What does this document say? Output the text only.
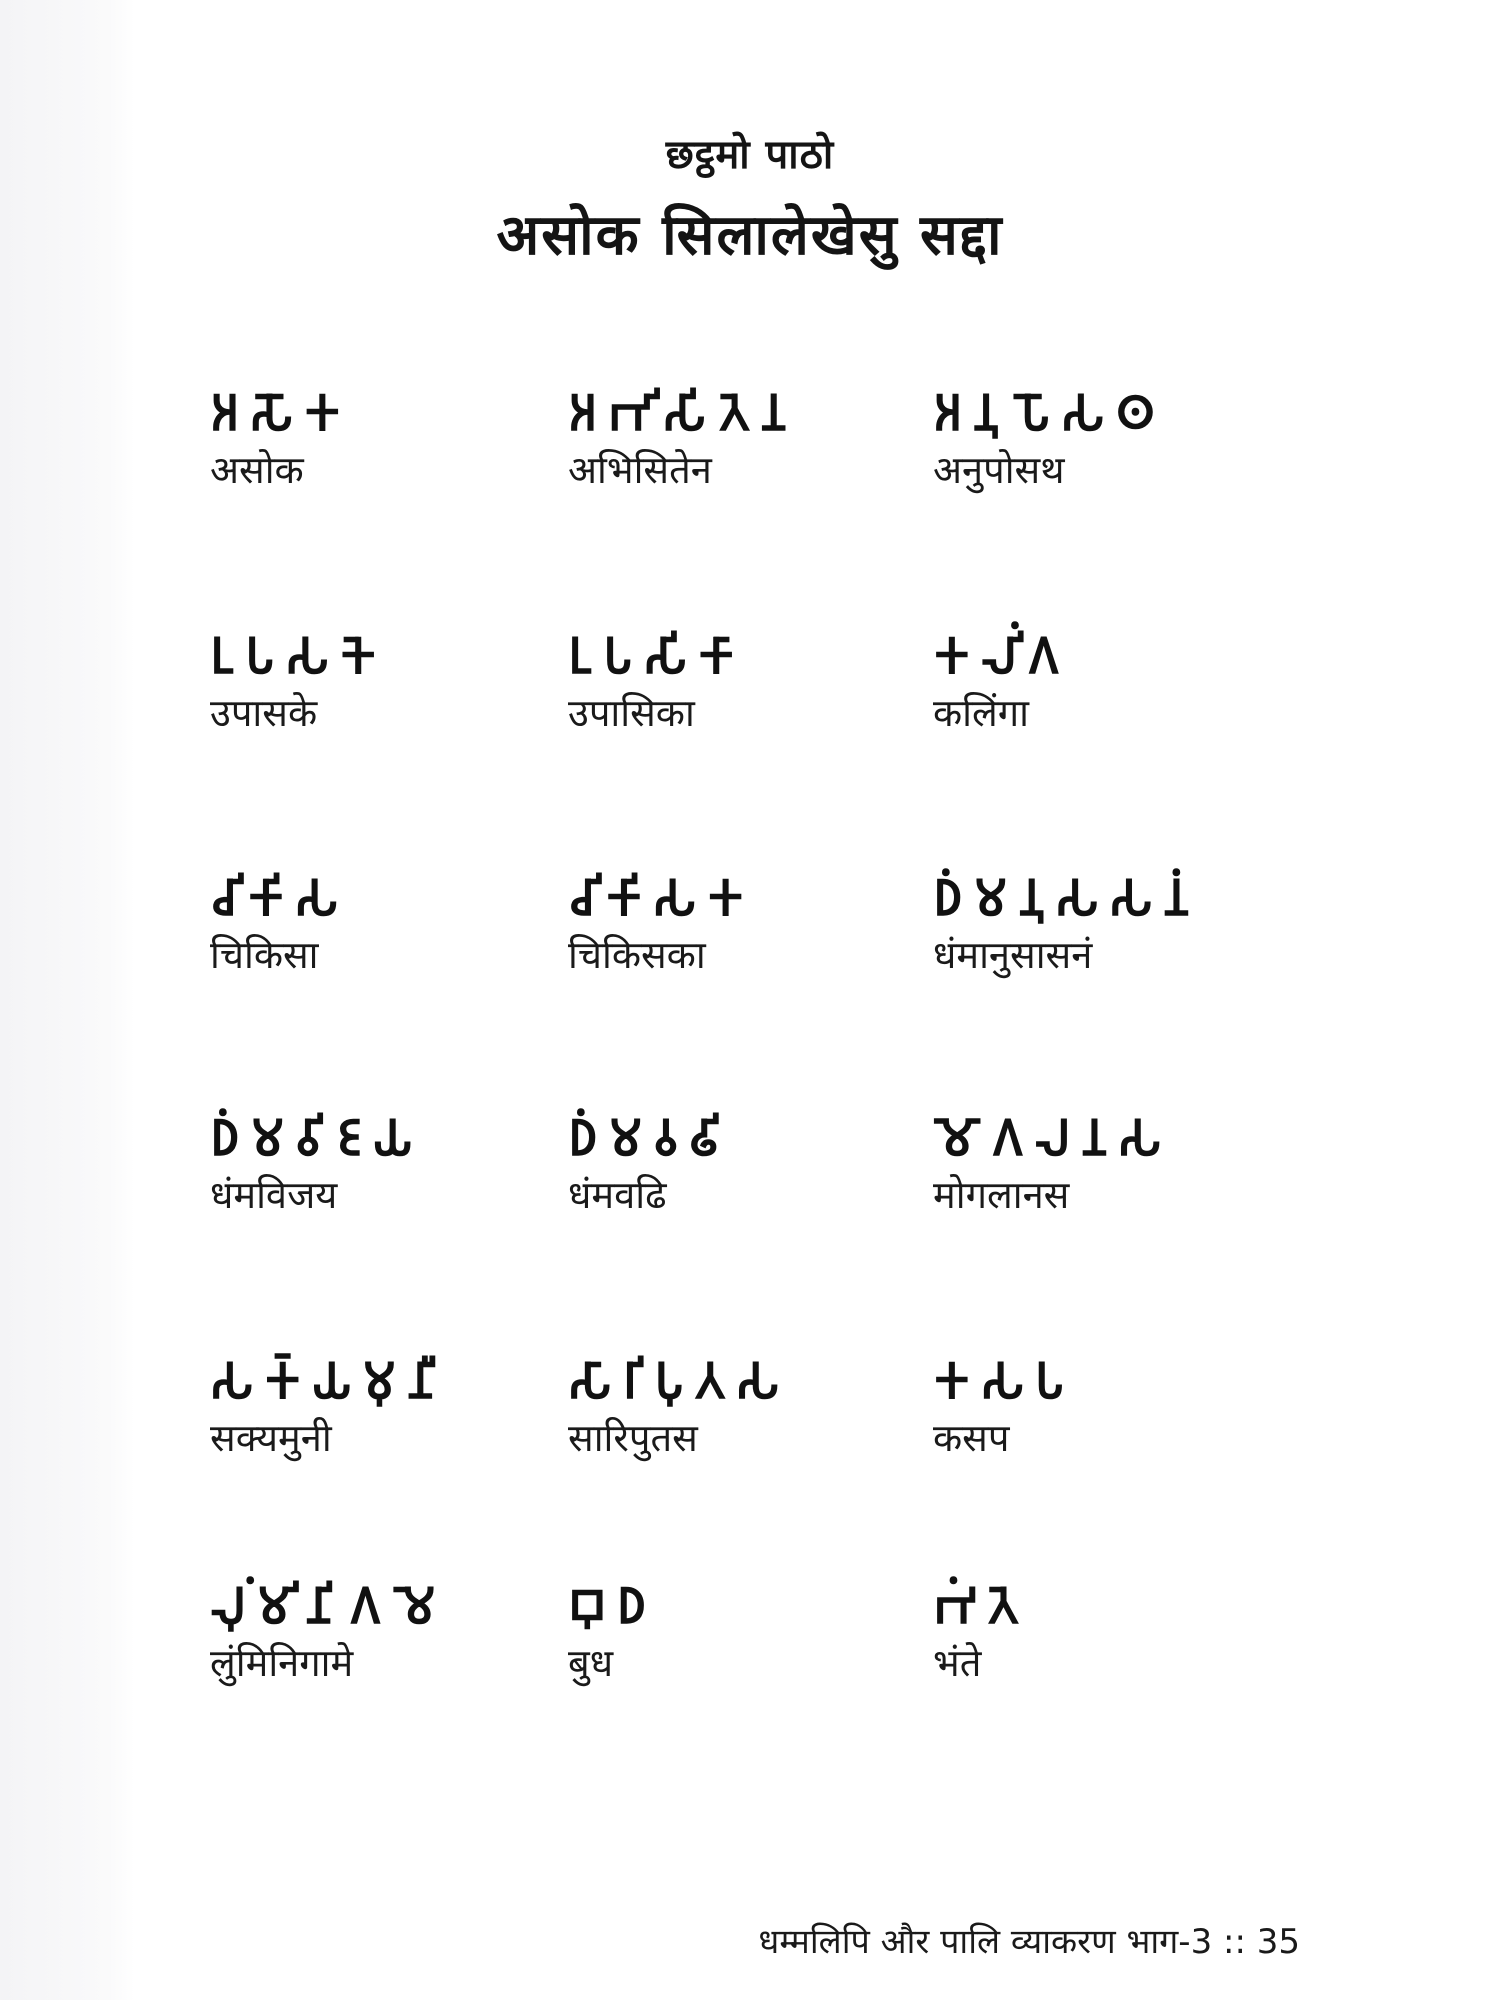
छट्ठमो पाठो
असोक सिलालेखेसु सद्दा
𑀅𑀲𑁄𑀓
असोक
𑀅𑀪𑀺𑀲𑀺𑀢𑁂𑀦
अभिसितेन
𑀅𑀦𑀼𑀧𑁄𑀲𑀣
अनुपोसथ
𑀉𑀧𑀲𑀓𑁂
उपासके
𑀉𑀧𑀲𑀺𑀓𑀸
उपासिका
𑀓𑀮𑀺𑀁𑀕
कलिंगा
𑀘𑀺𑀓𑀺𑀲
चिकिसा
𑀘𑀺𑀓𑀺𑀲𑀓
चिकिसका
𑀥𑀁𑀫𑀦𑀼𑀲𑀲𑀦𑀁
धंमानुसासनं
𑀥𑀁𑀫𑀯𑀺𑀚𑀬
धंमविजय
𑀥𑀁𑀫𑀯𑀠𑀺
धंमवढि
𑀫𑁄𑀕𑀮𑀦𑀲
मोगलानस
𑀲𑀓𑁆𑀬𑀫𑀼𑀦𑀻
सक्यमुनी
𑀲𑀸𑀭𑀺𑀧𑀼𑀢𑀲
सारिपुतस
𑀓𑀲𑀧
कसप
𑀮𑀼𑀁𑀫𑀺𑀦𑀺𑀕𑀫𑁂
लुंमिनिगामे
𑀩𑀼𑀥
बुध
𑀪𑀁𑀢𑁂
भंते
धम्मलिपि और पालि व्याकरण भाग-3 :: 35
